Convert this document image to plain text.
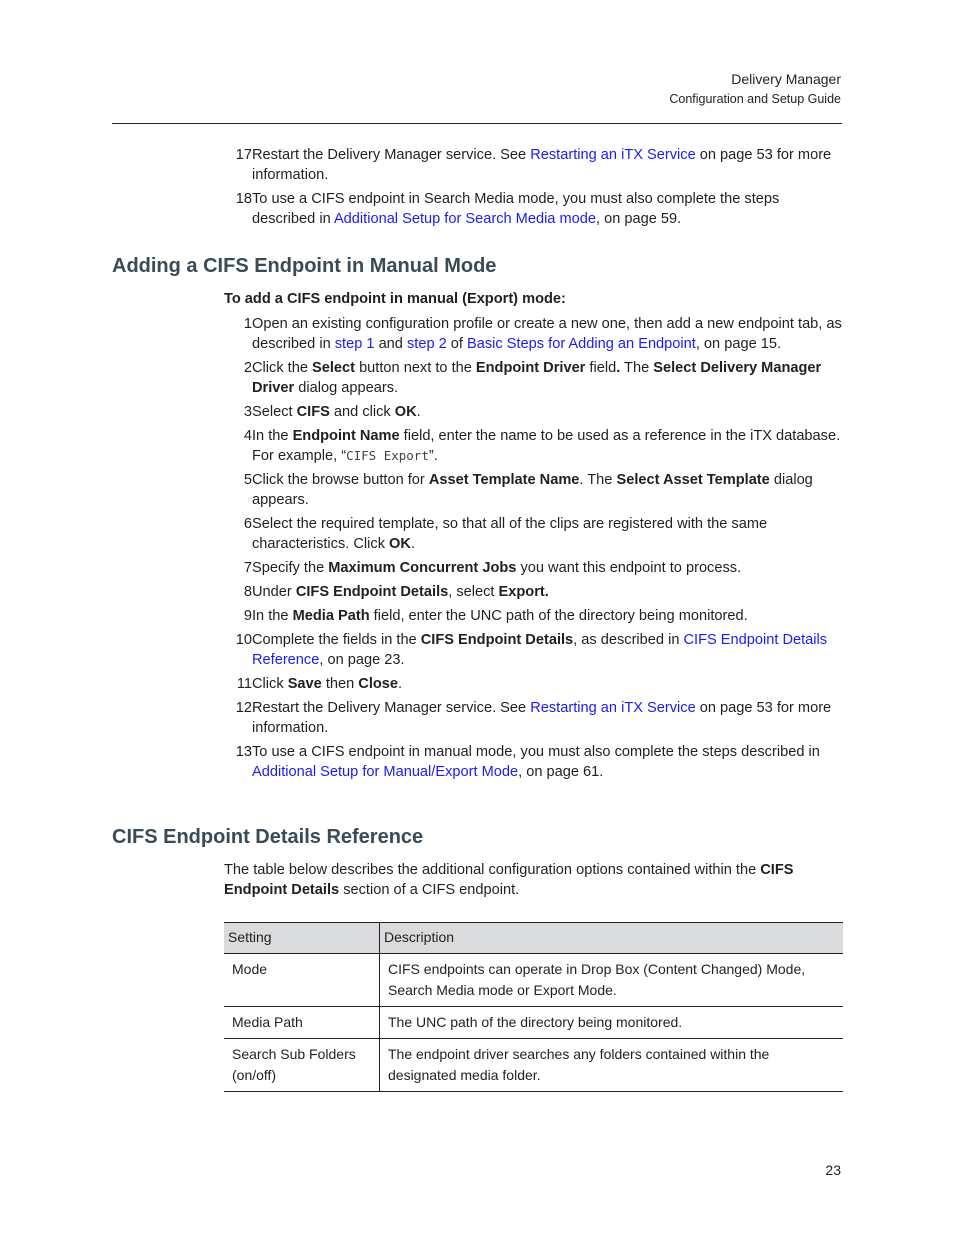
Delivery Manager
Configuration and Setup Guide
17 Restart the Delivery Manager service. See Restarting an iTX Service on page 53 for more information.
18 To use a CIFS endpoint in Search Media mode, you must also complete the steps described in Additional Setup for Search Media mode, on page 59.
Adding a CIFS Endpoint in Manual Mode

To add a CIFS endpoint in manual (Export) mode:

1 Open an existing configuration profile or create a new one, then add a new endpoint tab, as described in step 1 and step 2 of Basic Steps for Adding an Endpoint, on page 15.
2 Click the Select button next to the Endpoint Driver field. The Select Delivery Manager Driver dialog appears.
3 Select CIFS and click OK.
4 In the Endpoint Name field, enter the name to be used as a reference in the iTX database. For example, “CIFS Export”.
5 Click the browse button for Asset Template Name. The Select Asset Template dialog appears.
6 Select the required template, so that all of the clips are registered with the same characteristics. Click OK.
7 Specify the Maximum Concurrent Jobs you want this endpoint to process.
8 Under CIFS Endpoint Details, select Export.
9 In the Media Path field, enter the UNC path of the directory being monitored.
10 Complete the fields in the CIFS Endpoint Details, as described in CIFS Endpoint Details Reference, on page 23.
11 Click Save then Close.
12 Restart the Delivery Manager service. See Restarting an iTX Service on page 53 for more information.
13 To use a CIFS endpoint in manual mode, you must also complete the steps described in Additional Setup for Manual/Export Mode, on page 61.
CIFS Endpoint Details Reference

The table below describes the additional configuration options contained within the CIFS Endpoint Details section of a CIFS endpoint.

Setting	Description
Mode	CIFS endpoints can operate in Drop Box (Content Changed) Mode, Search Media mode or Export Mode.
Media Path	The UNC path of the directory being monitored.
Search Sub Folders (on/off)	The endpoint driver searches any folders contained within the designated media folder.
23
